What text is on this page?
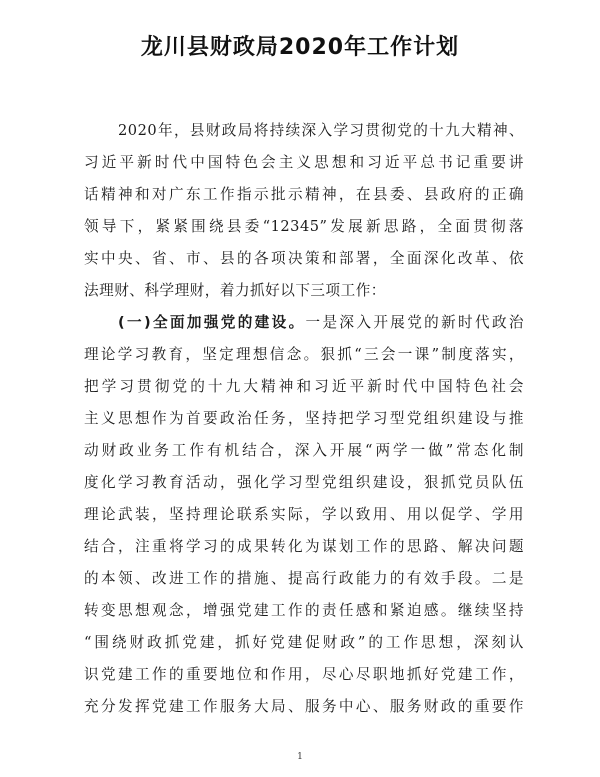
龙川县财政局2020年工作计划
2020年，县财政局将持续深入学习贯彻党的十九大精神、
习近平新时代中国特色会主义思想和习近平总书记重要讲
话精神和对广东工作指示批示精神，在县委、县政府的正确
领导下，紧紧围绕县委“12345”发展新思路，全面贯彻落
实中央、省、市、县的各项决策和部署，全面深化改革、依
法理财、科学理财，着力抓好以下三项工作：
(一)全面加强党的建设。一是深入开展党的新时代政治
理论学习教育，坚定理想信念。狠抓“三会一课”制度落实，
把学习贯彻党的十九大精神和习近平新时代中国特色社会
主义思想作为首要政治任务，坚持把学习型党组织建设与推
动财政业务工作有机结合，深入开展“两学一做”常态化制
度化学习教育活动，强化学习型党组织建设，狠抓党员队伍
理论武装，坚持理论联系实际，学以致用、用以促学、学用
结合，注重将学习的成果转化为谋划工作的思路、解决问题
的本领、改进工作的措施、提高行政能力的有效手段。二是
转变思想观念，增强党建工作的责任感和紧迫感。继续坚持
“围绕财政抓党建，抓好党建促财政”的工作思想，深刻认
识党建工作的重要地位和作用，尽心尽职地抓好党建工作，
充分发挥党建工作服务大局、服务中心、服务财政的重要作
1
